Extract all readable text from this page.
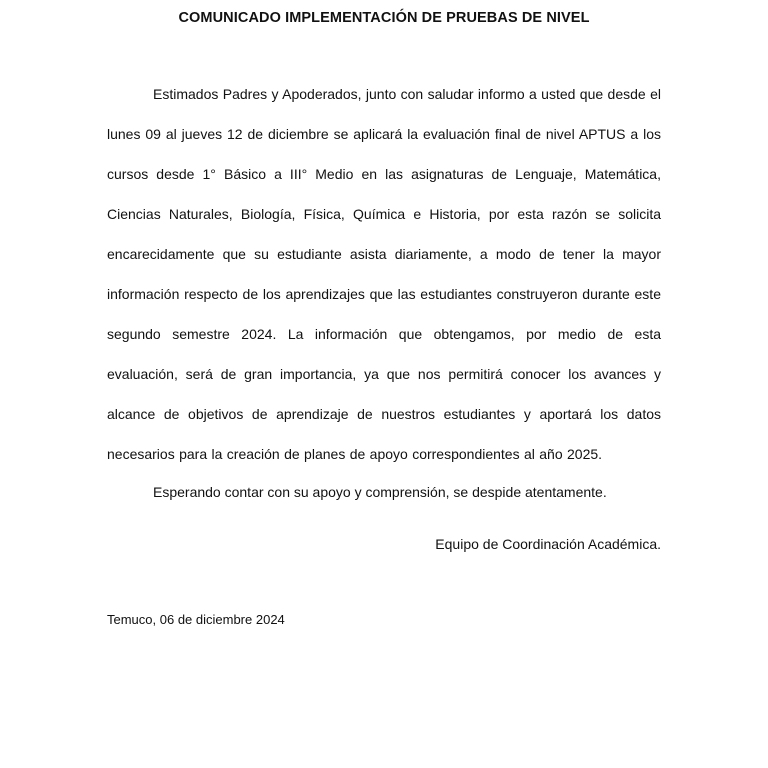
COMUNICADO IMPLEMENTACIÓN DE PRUEBAS DE NIVEL

Estimados Padres y Apoderados, junto con saludar informo a usted que desde el lunes 09 al jueves 12 de diciembre se aplicará la evaluación final de nivel APTUS a los cursos desde 1° Básico a III° Medio en las asignaturas de Lenguaje, Matemática, Ciencias Naturales, Biología, Física, Química e Historia, por esta razón se solicita encarecidamente que su estudiante asista diariamente, a modo de tener la mayor información respecto de los aprendizajes que las estudiantes construyeron durante este segundo semestre 2024. La información que obtengamos, por medio de esta evaluación, será de gran importancia, ya que nos permitirá conocer los avances y alcance de objetivos de aprendizaje de nuestros estudiantes y aportará los datos necesarios para la creación de planes de apoyo correspondientes al año 2025.

Esperando contar con su apoyo y comprensión, se despide atentamente.

Equipo de Coordinación Académica.

Temuco, 06 de diciembre 2024
